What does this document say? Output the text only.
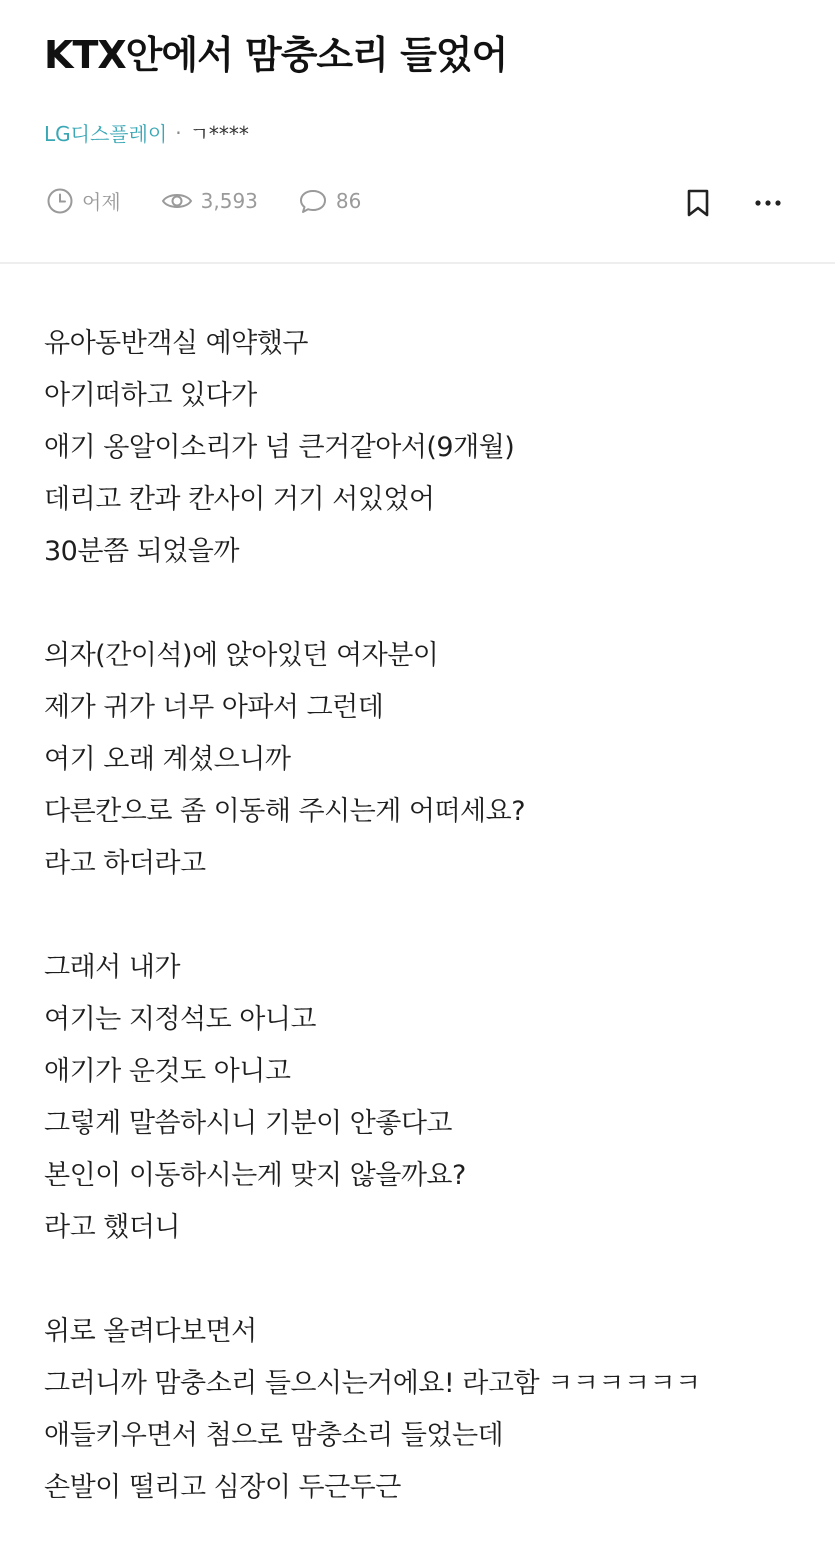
KTX안에서 맘충소리 들었어
LG디스플레이 · ㄱ****
어제	3,593	86
유아동반객실 예약했구
아기떠하고 있다가
애기 옹알이소리가 넘 큰거같아서(9개월)
데리고 칸과 칸사이 거기 서있었어
30분쯤 되었을까
의자(간이석)에 앉아있던 여자분이
제가 귀가 너무 아파서 그런데
여기 오래 계셨으니까
다른칸으로 좀 이동해 주시는게 어떠세요?
라고 하더라고
그래서 내가
여기는 지정석도 아니고
애기가 운것도 아니고
그렇게 말씀하시니 기분이 안좋다고
본인이 이동하시는게 맞지 않을까요?
라고 했더니
위로 올려다보면서
그러니까 맘충소리 들으시는거에요! 라고함 ㅋㅋㅋㅋㅋㅋ
애들키우면서 첨으로 맘충소리 들었는데
손발이 떨리고 심장이 두근두근
